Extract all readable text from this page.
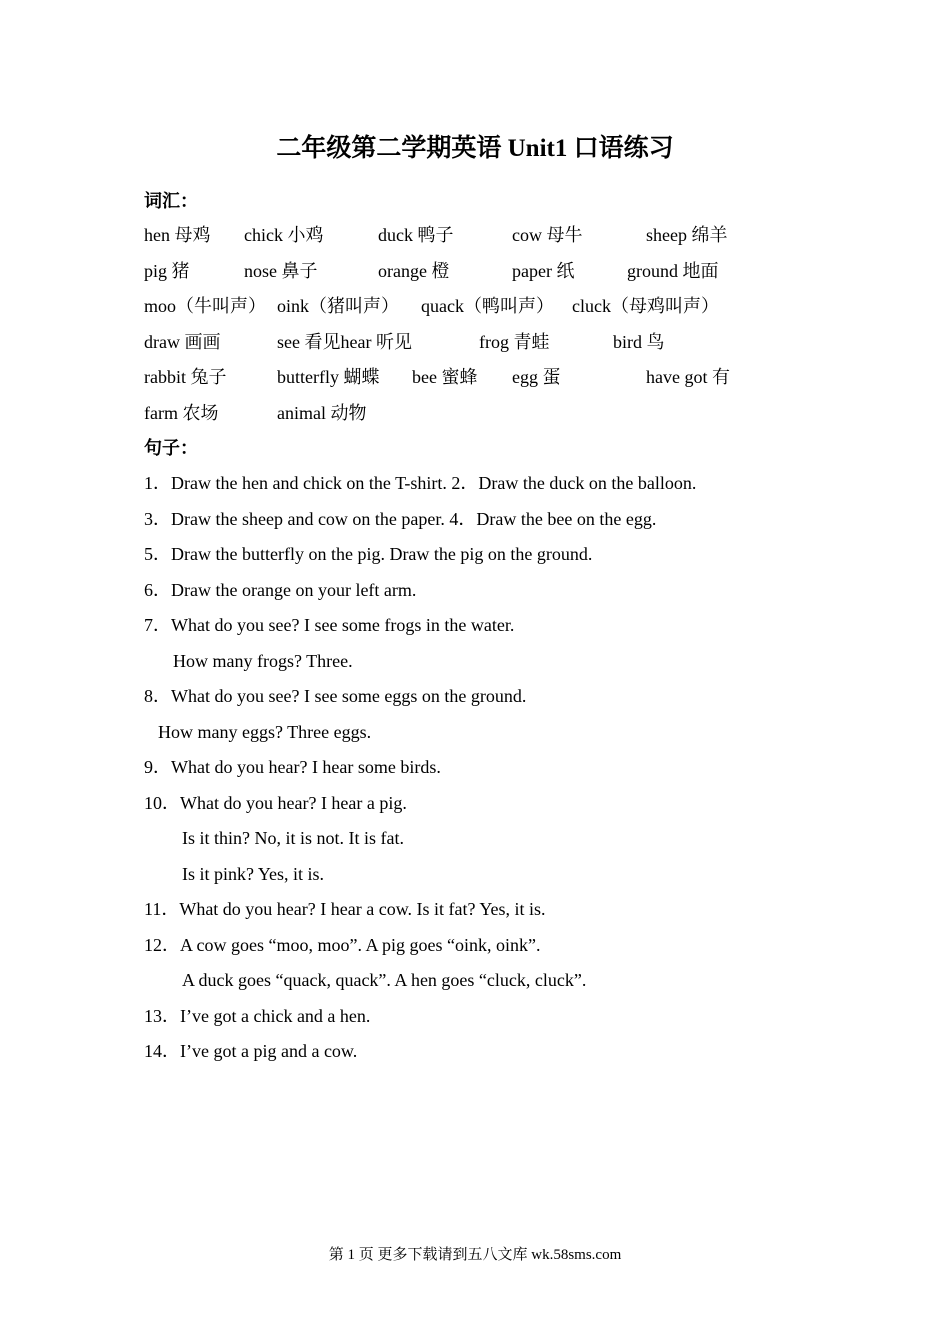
二年级第二学期英语 Unit1 口语练习
词汇：
hen 母鸡 chick 小鸡	duck 鸭子	cow 母牛	sheep 绵羊
pig 猪	nose 鼻子	orange 橙	paper 纸	ground 地面
moo（牛叫声） oink（猪叫声） quack（鸭叫声） cluck（母鸡叫声）
draw 画画	see 看见hear 听见	frog 青蛙	bird 鸟
rabbit 兔子	butterfly 蝴蝶 bee 蜜蜂 egg 蛋	have got 有
farm 农场	animal 动物
句子：
1．Draw the hen and chick on the T-shirt. 2．Draw the duck on the balloon.
3．Draw the sheep and cow on the paper. 4．Draw the bee on the egg.
5．Draw the butterfly on the pig. Draw the pig on the ground.
6．Draw the orange on your left arm.
7．What do you see? I see some frogs in the water.
How many frogs? Three.
8．What do you see? I see some eggs on the ground.
How many eggs? Three eggs.
9．What do you hear? I hear some birds.
10．What do you hear? I hear a pig.
Is it thin? No, it is not. It is fat.
Is it pink? Yes, it is.
11．What do you hear? I hear a cow. Is it fat? Yes, it is.
12．A cow goes “moo, moo”. A pig goes “oink, oink”.
A duck goes “quack, quack”. A hen goes “cluck, cluck”.
13．I’ve got a chick and a hen.
14．I’ve got a pig and a cow.
第 1 页 更多下载请到五八文库 wk.58sms.com
